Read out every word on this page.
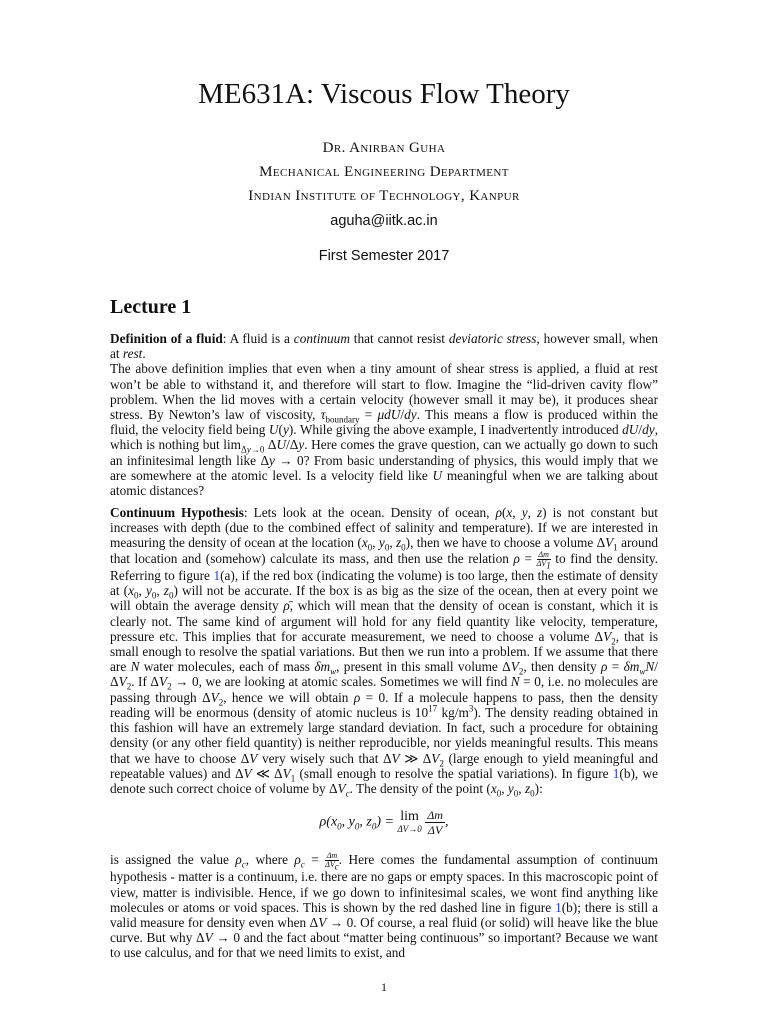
ME631A: Viscous Flow Theory
Dr. Anirban Guha
Mechanical Engineering Department
Indian Institute of Technology, Kanpur
aguha@iitk.ac.in
First Semester 2017
Lecture 1

Definition of a fluid: A fluid is a continuum that cannot resist deviatoric stress, however small, when at rest.

The above definition implies that even when a tiny amount of shear stress is applied, a fluid at rest won’t be able to withstand it, and therefore will start to flow. Imagine the “lid-driven cavity flow” problem. When the lid moves with a certain velocity (however small it may be), it produces shear stress. By Newton’s law of viscosity, $\tau_{boundary} = \mu dU/dy$. This means a flow is produced within the fluid, the velocity field being U(y). While giving the above example, I inadvertently introduced dU/dy, which is nothing but $\lim_{\Delta y\to 0} \Delta U/\Delta y$. Here comes the grave question, can we actually go down to such an infinitesimal length like Δy → 0? From basic understanding of physics, this would imply that we are somewhere at the atomic level. Is a velocity field like U meaningful when we are talking about atomic distances?

Continuum Hypothesis: Lets look at the ocean. Density of ocean, ρ(x, y, z) is not constant but increases with depth (due to the combined effect of salinity and temperature). If we are interested in measuring the density of ocean at the location ($x_0$, $y_0$, $z_0$), then we have to choose a volume $\Delta V_1$ around that location and (somehow) calculate its mass, and then use the relation $\rho = \frac{\Delta m}{\Delta V_1}$ to find the density. Referring to figure 1(a), if the red box (indicating the volume) is too large, then the estimate of density at ($x_0$, $y_0$, $z_0$) will not be accurate. If the box is as big as the size of the ocean, then at every point we will obtain the average density ρ̄, which will mean that the density of ocean is constant, which it is clearly not. The same kind of argument will hold for any field quantity like velocity, temperature, pressure etc. This implies that for accurate measurement, we need to choose a volume $\Delta V_2$, that is small enough to resolve the spatial variations. But then we run into a problem. If we assume that there are N water molecules, each of mass $\delta m_w$, present in this small volume $\Delta V_2$, then density $\rho = \delta m_wN/\Delta V_2$. If $\Delta V_2 \to 0$, we are looking at atomic scales. Sometimes we will find N = 0, i.e. no molecules are passing through $\Delta V_2$, hence we will obtain ρ = 0. If a molecule happens to pass, then the density reading will be enormous (density of atomic nucleus is $10^{17}$ $kg/m^3$). The density reading obtained in this fashion will have an extremely large standard deviation. In fact, such a procedure for obtaining density (or any other field quantity) is neither reproducible, nor yields meaningful results. This means that we have to choose ΔV very wisely such that ΔV ≫ $\Delta V_2$ (large enough to yield meaningful and repeatable values) and ΔV ≪ $\Delta V_1$ (small enough to resolve the spatial variations). In figure 1(b), we denote such correct choice of volume by $\Delta V_c$. The density of the point ($x_0$, $y_0$, $z_0$):

$\rho(x_0$, $y_0$, $z_0) = \lim$
ΔV→0
$\frac{\Delta m}{\Delta V}$ ,

is assigned the value $\rho_c$, where $\rho_c = \Delta m$
$\Delta V_c$
. Here comes the fundamental assumption of continuum hypothesis - matter is a continuum, i.e. there are no gaps or empty spaces. In this macroscopic point of view, matter is indivisible. Hence, if we go down to infinitesimal scales, we wont find anything like molecules or atoms or void spaces. This is shown by the red dashed line in figure 1(b); there is still a valid measure for density even when ΔV → 0. Of course, a real fluid (or solid) will heave like the blue curve. But why ΔV → 0 and the fact about “matter being continuous” so important? Because we want to use calculus, and for that we need limits to exist, and

1
